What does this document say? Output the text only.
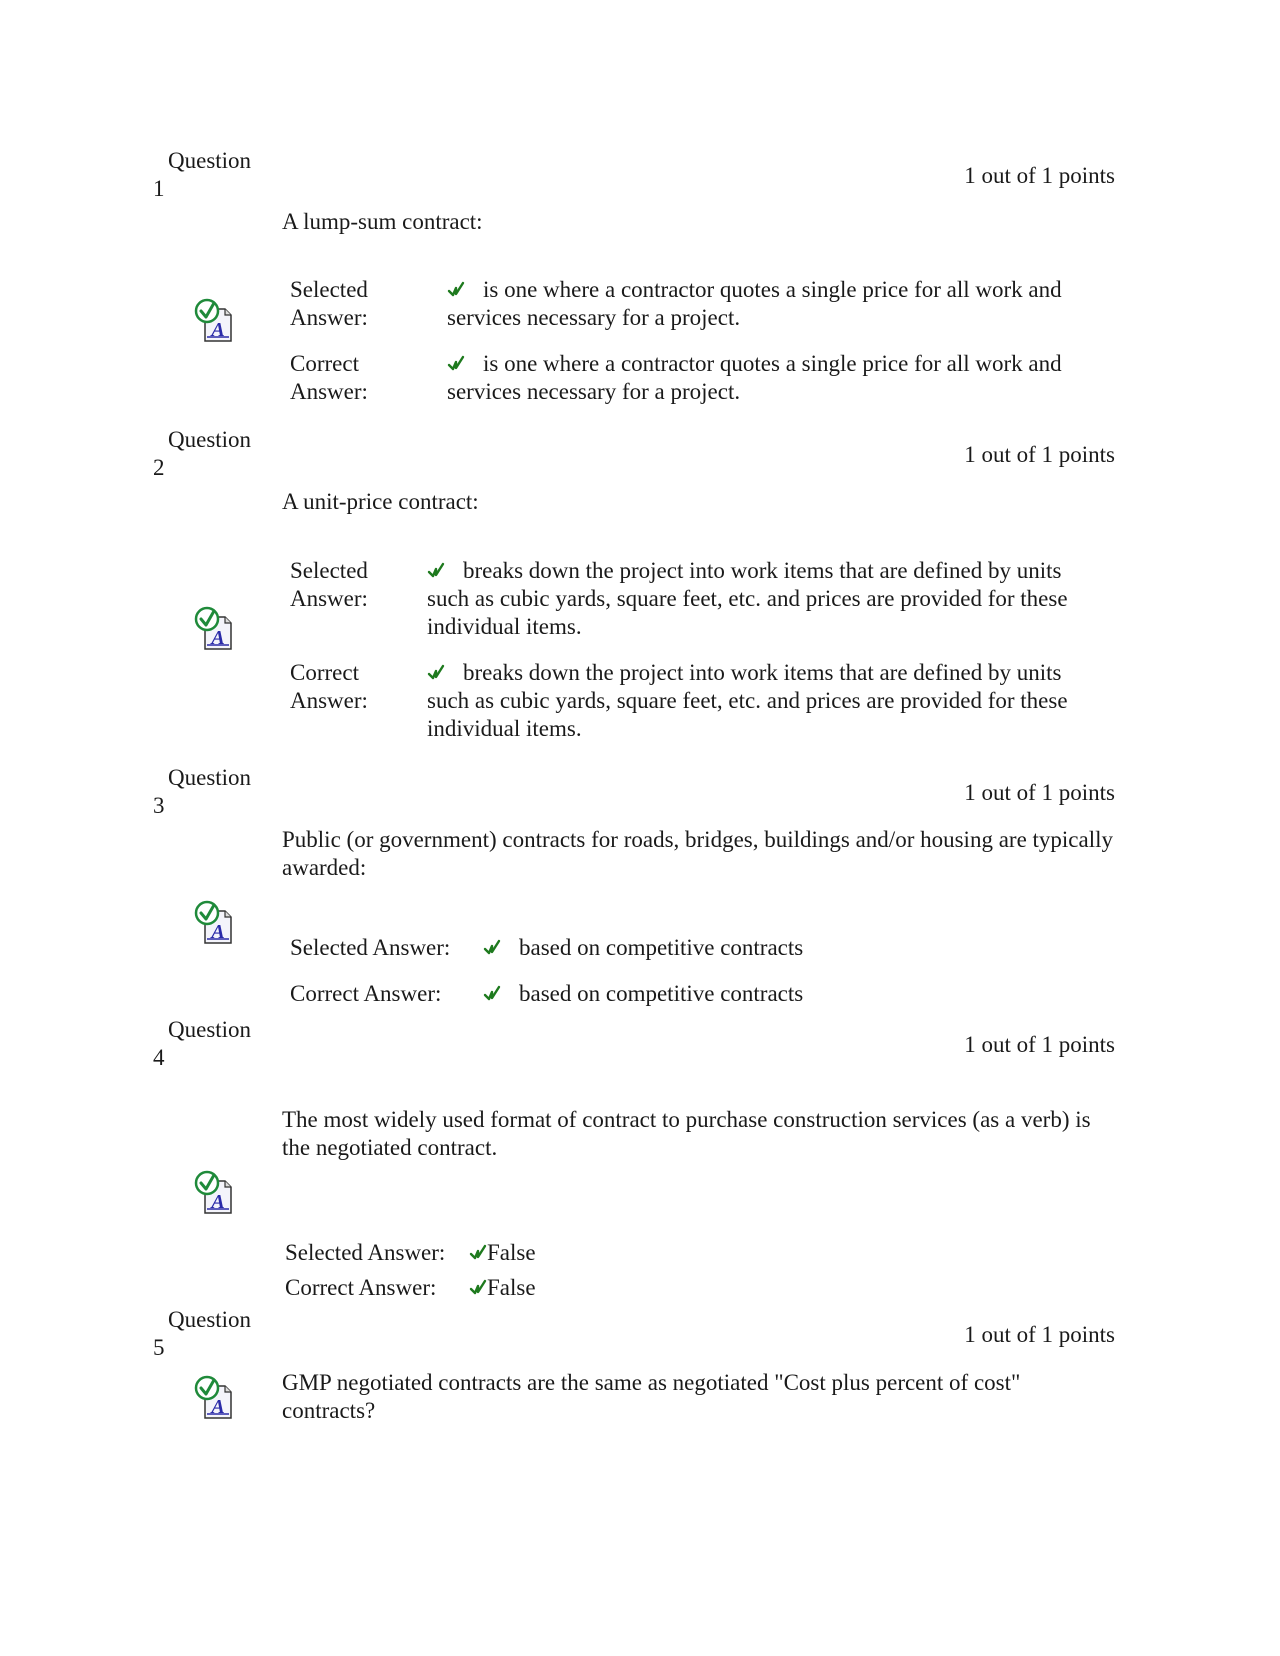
Question
1
1 out of 1 points
A lump-sum contract:
Selected
Answer:
is one where a contractor quotes a single price for all work and services necessary for a project.
Correct
Answer:
is one where a contractor quotes a single price for all work and services necessary for a project.
Question
2
1 out of 1 points
A unit-price contract:
Selected
Answer:
breaks down the project into work items that are defined by units such as cubic yards, square feet, etc. and prices are provided for these individual items.
Correct
Answer:
breaks down the project into work items that are defined by units such as cubic yards, square feet, etc. and prices are provided for these individual items.
Question
3
1 out of 1 points
Public (or government) contracts for roads, bridges, buildings and/or housing are typically awarded:
Selected Answer:	based on competitive contracts
Correct Answer:	based on competitive contracts
Question
4
1 out of 1 points
The most widely used format of contract to purchase construction services (as a verb) is the negotiated contract.
Selected Answer:	False
Correct Answer:	False
Question
5
1 out of 1 points
GMP negotiated contracts are the same as negotiated "Cost plus percent of cost" contracts?
